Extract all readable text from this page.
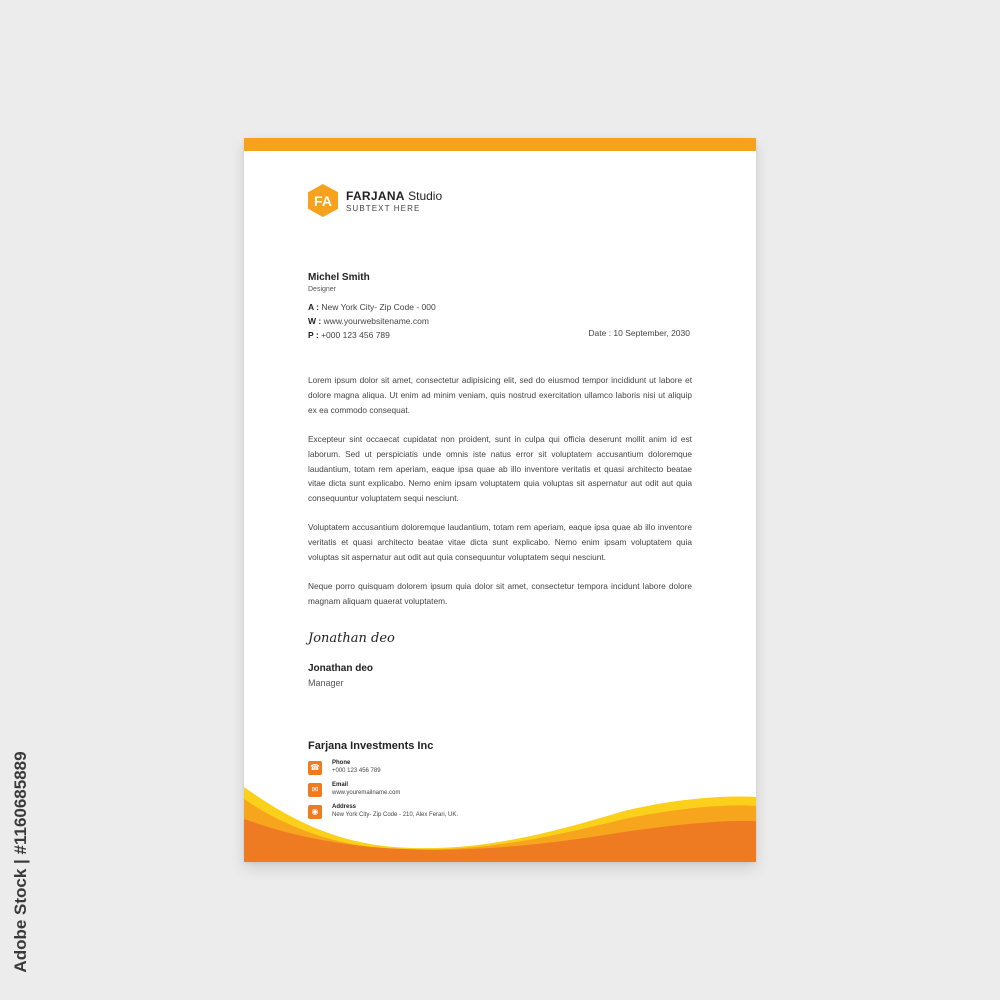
Adobe Stock | #1160685889
FA	FARJANA Studio
SUBTEXT HERE
Michel Smith
Designer
A : New York City- Zip Code - 000
W : www.yourwebsitename.com
P : +000 123 456 789	Date : 10 September, 2030

Lorem ipsum dolor sit amet, consectetur adipisicing elit, sed do eiusmod tempor incididunt ut labore et dolore magna aliqua. Ut enim ad minim veniam, quis nostrud exercitation ullamco laboris nisi ut aliquip ex ea commodo consequat.

Excepteur sint occaecat cupidatat non proident, sunt in culpa qui officia deserunt mollit anim id est laborum. Sed ut perspiciatis unde omnis iste natus error sit voluptatem accusantium doloremque laudantium, totam rem aperiam, eaque ipsa quae ab illo inventore veritatis et quasi architecto beatae vitae dicta sunt explicabo. Nemo enim ipsam voluptatem quia voluptas sit aspernatur aut odit aut quia consequuntur voluptatem sequi nesciunt.

Voluptatem accusantium doloremque laudantium, totam rem aperiam, eaque ipsa quae ab illo inventore veritatis et quasi architecto beatae vitae dicta sunt explicabo. Nemo enim ipsam voluptatem quia voluptas sit aspernatur aut odit aut quia consequuntur voluptatem sequi nesciunt.

Neque porro quisquam dolorem ipsum quia dolor sit amet, consectetur tempora incidunt labore dolore magnam aliquam quaerat voluptatem.

Jonathan deo
Jonathan deo
Manager
Farjana Investments Inc
☎	Phone
+000 123 456 789
✉	Email
www.youremailname.com
◉	Address
New York City- Zip Code - 210, Alex Ferari, UK.
